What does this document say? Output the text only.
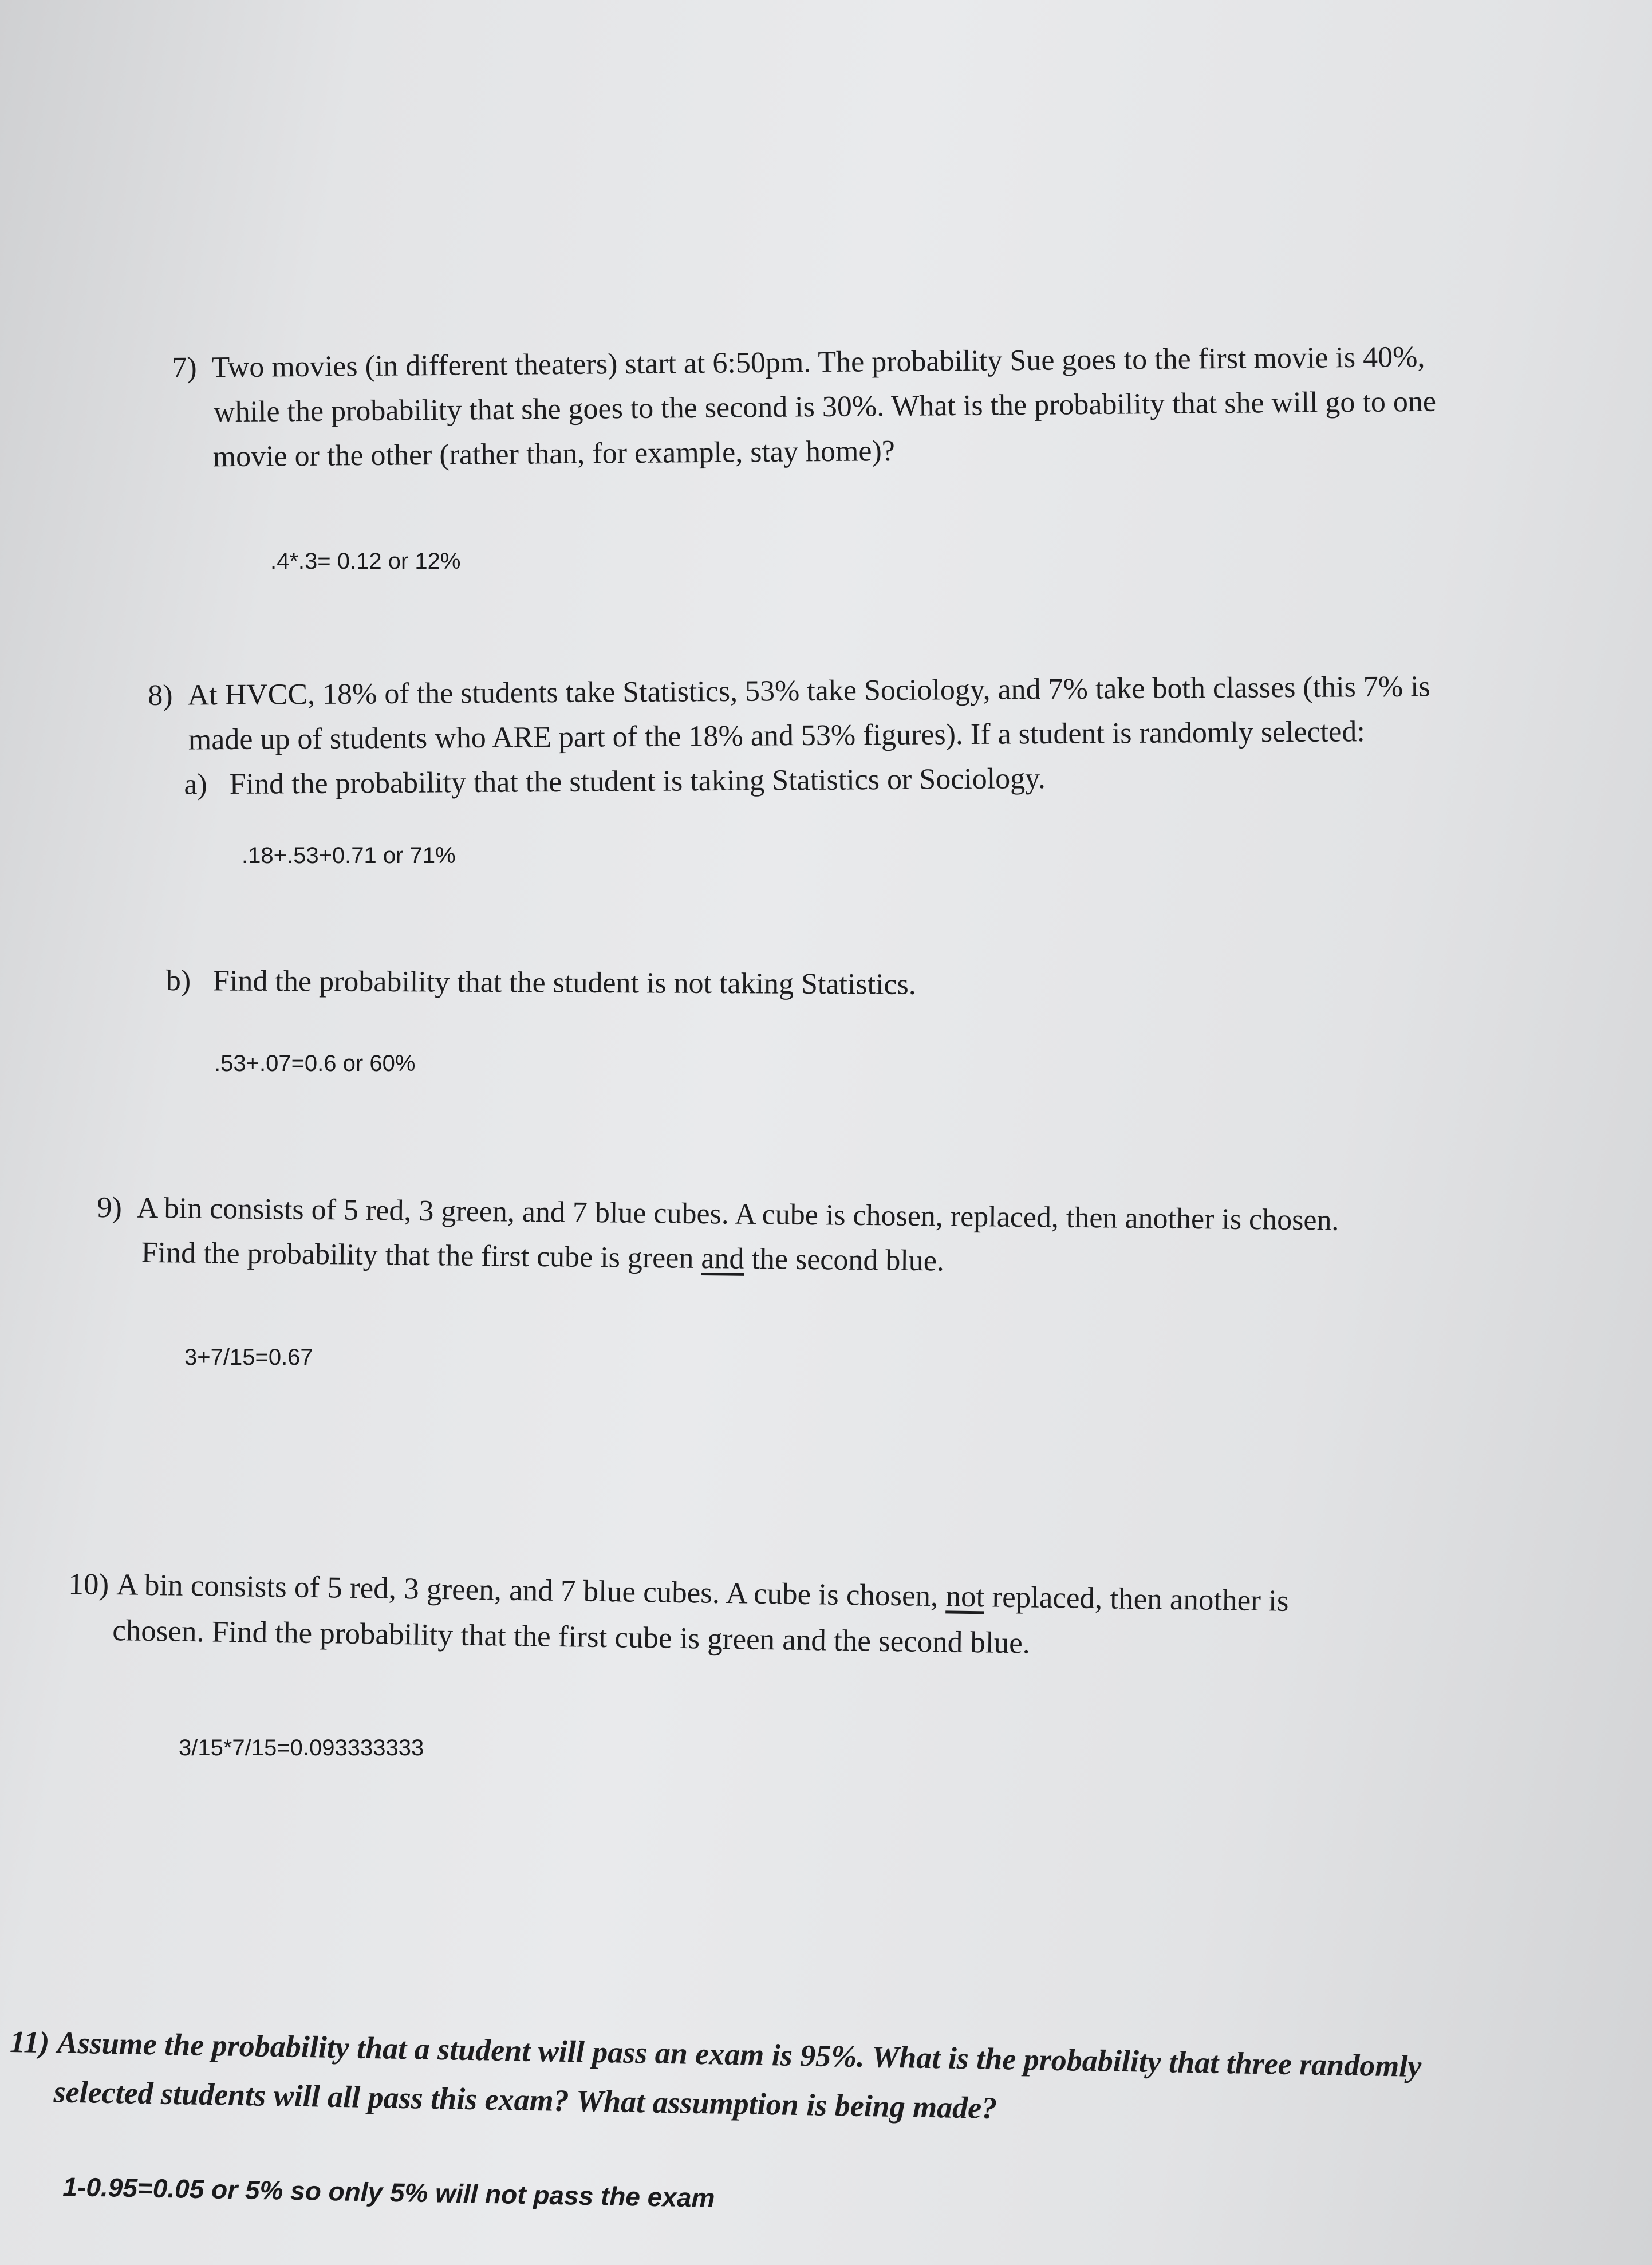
7) Two movies (in different theaters) start at 6:50pm. The probability Sue goes to the first movie is 40%,
while the probability that she goes to the second is 30%. What is the probability that she will go to one
movie or the other (rather than, for example, stay home)?
.4*.3= 0.12 or 12%
8) At HVCC, 18% of the students take Statistics, 53% take Sociology, and 7% take both classes (this 7% is
made up of students who ARE part of the 18% and 53% figures). If a student is randomly selected:
a) Find the probability that the student is taking Statistics or Sociology.
.18+.53+0.71 or 71%
b) Find the probability that the student is not taking Statistics.
.53+.07=0.6 or 60%
9) A bin consists of 5 red, 3 green, and 7 blue cubes. A cube is chosen, replaced, then another is chosen.
Find the probability that the first cube is green and the second blue.
3+7/15=0.67
10) A bin consists of 5 red, 3 green, and 7 blue cubes. A cube is chosen, not replaced, then another is
chosen. Find the probability that the first cube is green and the second blue.
3/15*7/15=0.093333333
11) Assume the probability that a student will pass an exam is 95%. What is the probability that three randomly
selected students will all pass this exam? What assumption is being made?
1-0.95=0.05 or 5% so only 5% will not pass the exam
